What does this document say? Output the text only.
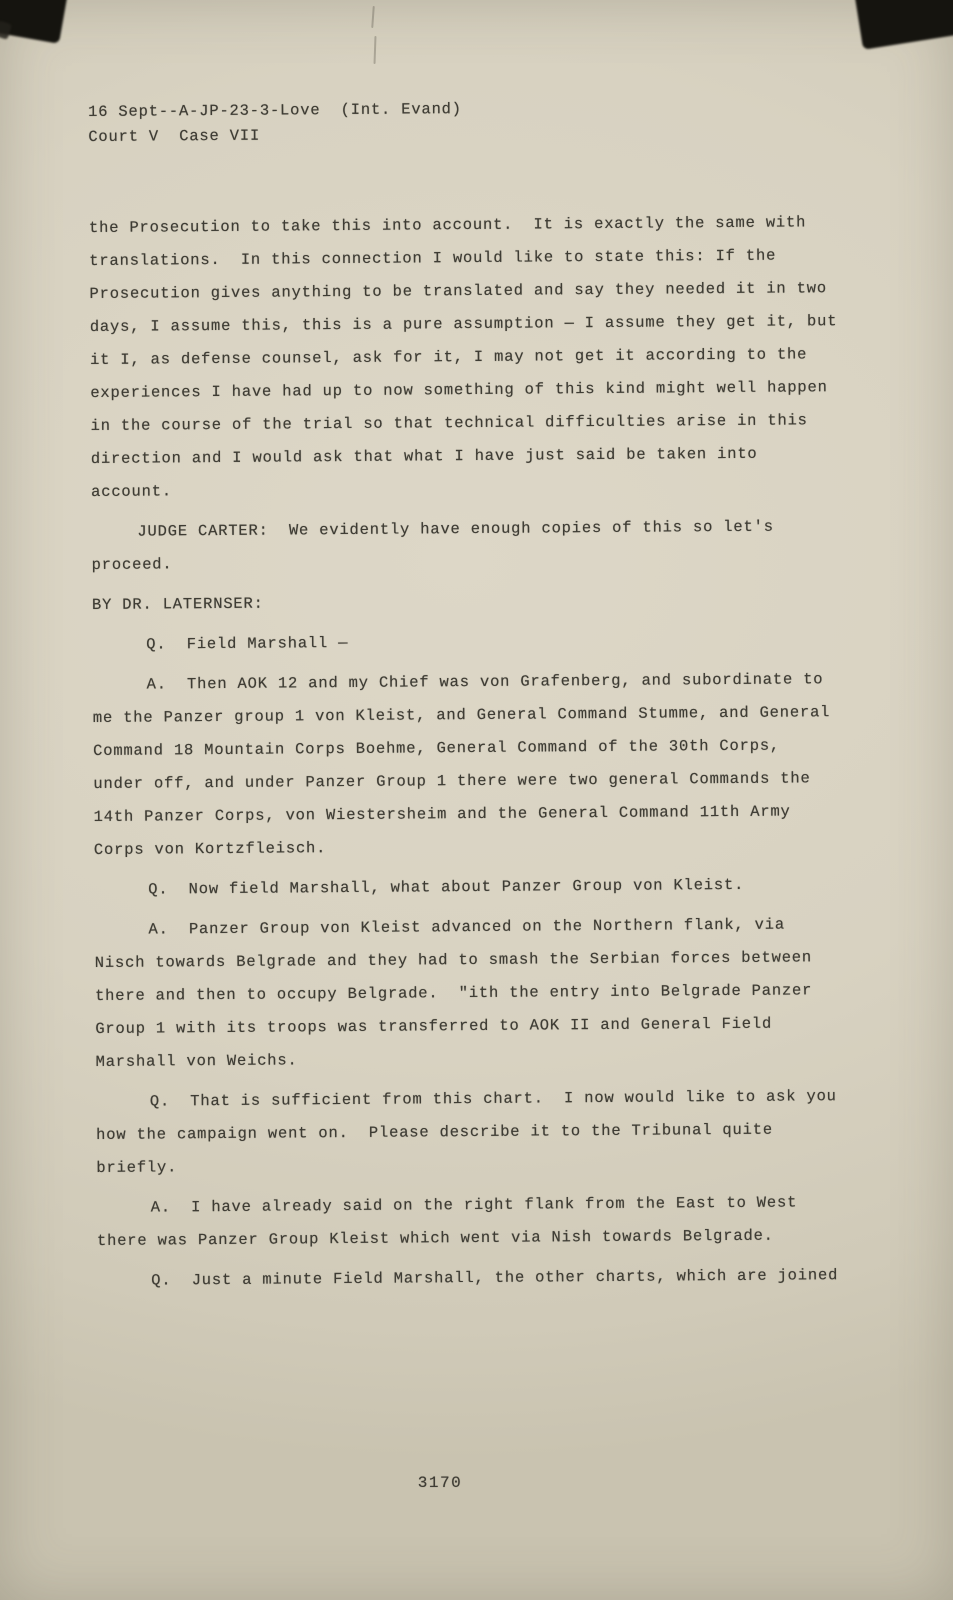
16 Sept--A-JP-23-3-Love  (Int. Evand)
Court V  Case VII

the Prosecution to take this into account.  It is exactly the same with translations.  In this connection I would like to state this: If the Prosecution gives anything to be translated and say they needed it in two days, I assume this, this is a pure assumption — I assume they get it, but it I, as defense counsel, ask for it, I may not get it according to the experiences I have had up to now something of this kind might well happen in the course of the trial so that technical difficulties arise in this direction and I would ask that what I have just said be taken into account.

JUDGE CARTER:  We evidently have enough copies of this so let's proceed.

BY DR. LATERNSER:

Q.  Field Marshall —

A.  Then AOK 12 and my Chief was von Grafenberg, and subordinate to me the Panzer group 1 von Kleist, and General Command Stumme, and General Command 18 Mountain Corps Boehme, General Command of the 30th Corps,  under off, and under Panzer Group 1 there were two general Commands the 14th Panzer Corps, von Wiestersheim and the General Command 11th Army Corps von Kortzfleisch.

Q.  Now field Marshall, what about Panzer Group von Kleist.

A.  Panzer Group von Kleist advanced on the Northern flank, via Nisch towards Belgrade and they had to smash the Serbian forces between there and then to occupy Belgrade.  "ith the entry into Belgrade Panzer Group 1 with its troops was transferred to AOK II and General Field Marshall von Weichs.

Q.  That is sufficient from this chart.  I now would like to ask you how the campaign went on.  Please describe it to the Tribunal quite briefly.

A.  I have already said on the right flank from the East to West there was Panzer Group Kleist which went via Nish towards Belgrade.

Q.  Just a minute Field Marshall, the other charts, which are joined

3170
